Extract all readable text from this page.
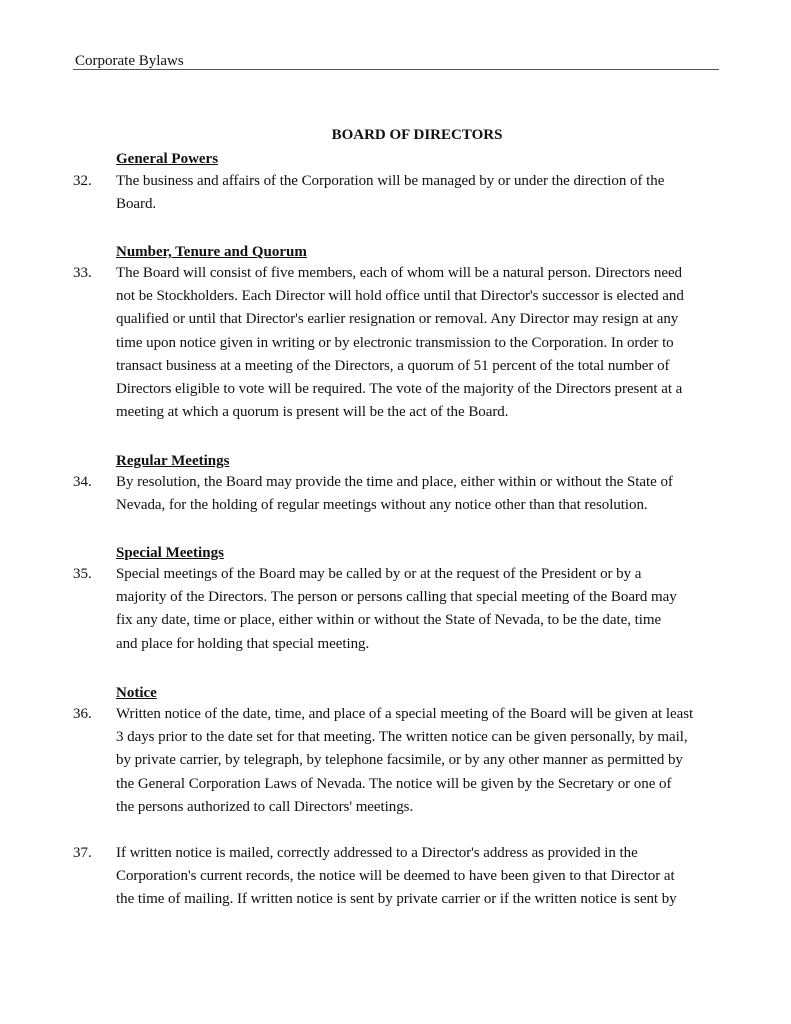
Corporate Bylaws
BOARD OF DIRECTORS
General Powers
32. The business and affairs of the Corporation will be managed by or under the direction of the
Board.
Number, Tenure and Quorum
33. The Board will consist of five members, each of whom will be a natural person. Directors need
not be Stockholders. Each Director will hold office until that Director's successor is elected and
qualified or until that Director's earlier resignation or removal. Any Director may resign at any
time upon notice given in writing or by electronic transmission to the Corporation. In order to
transact business at a meeting of the Directors, a quorum of 51 percent of the total number of
Directors eligible to vote will be required. The vote of the majority of the Directors present at a
meeting at which a quorum is present will be the act of the Board.
Regular Meetings
34. By resolution, the Board may provide the time and place, either within or without the State of
Nevada, for the holding of regular meetings without any notice other than that resolution.
Special Meetings
35. Special meetings of the Board may be called by or at the request of the President or by a
majority of the Directors. The person or persons calling that special meeting of the Board may
fix any date, time or place, either within or without the State of Nevada, to be the date, time
and place for holding that special meeting.
Notice
36. Written notice of the date, time, and place of a special meeting of the Board will be given at least
3 days prior to the date set for that meeting. The written notice can be given personally, by mail,
by private carrier, by telegraph, by telephone facsimile, or by any other manner as permitted by
the General Corporation Laws of Nevada. The notice will be given by the Secretary or one of
the persons authorized to call Directors' meetings.
37. If written notice is mailed, correctly addressed to a Director's address as provided in the
Corporation's current records, the notice will be deemed to have been given to that Director at
the time of mailing. If written notice is sent by private carrier or if the written notice is sent by
